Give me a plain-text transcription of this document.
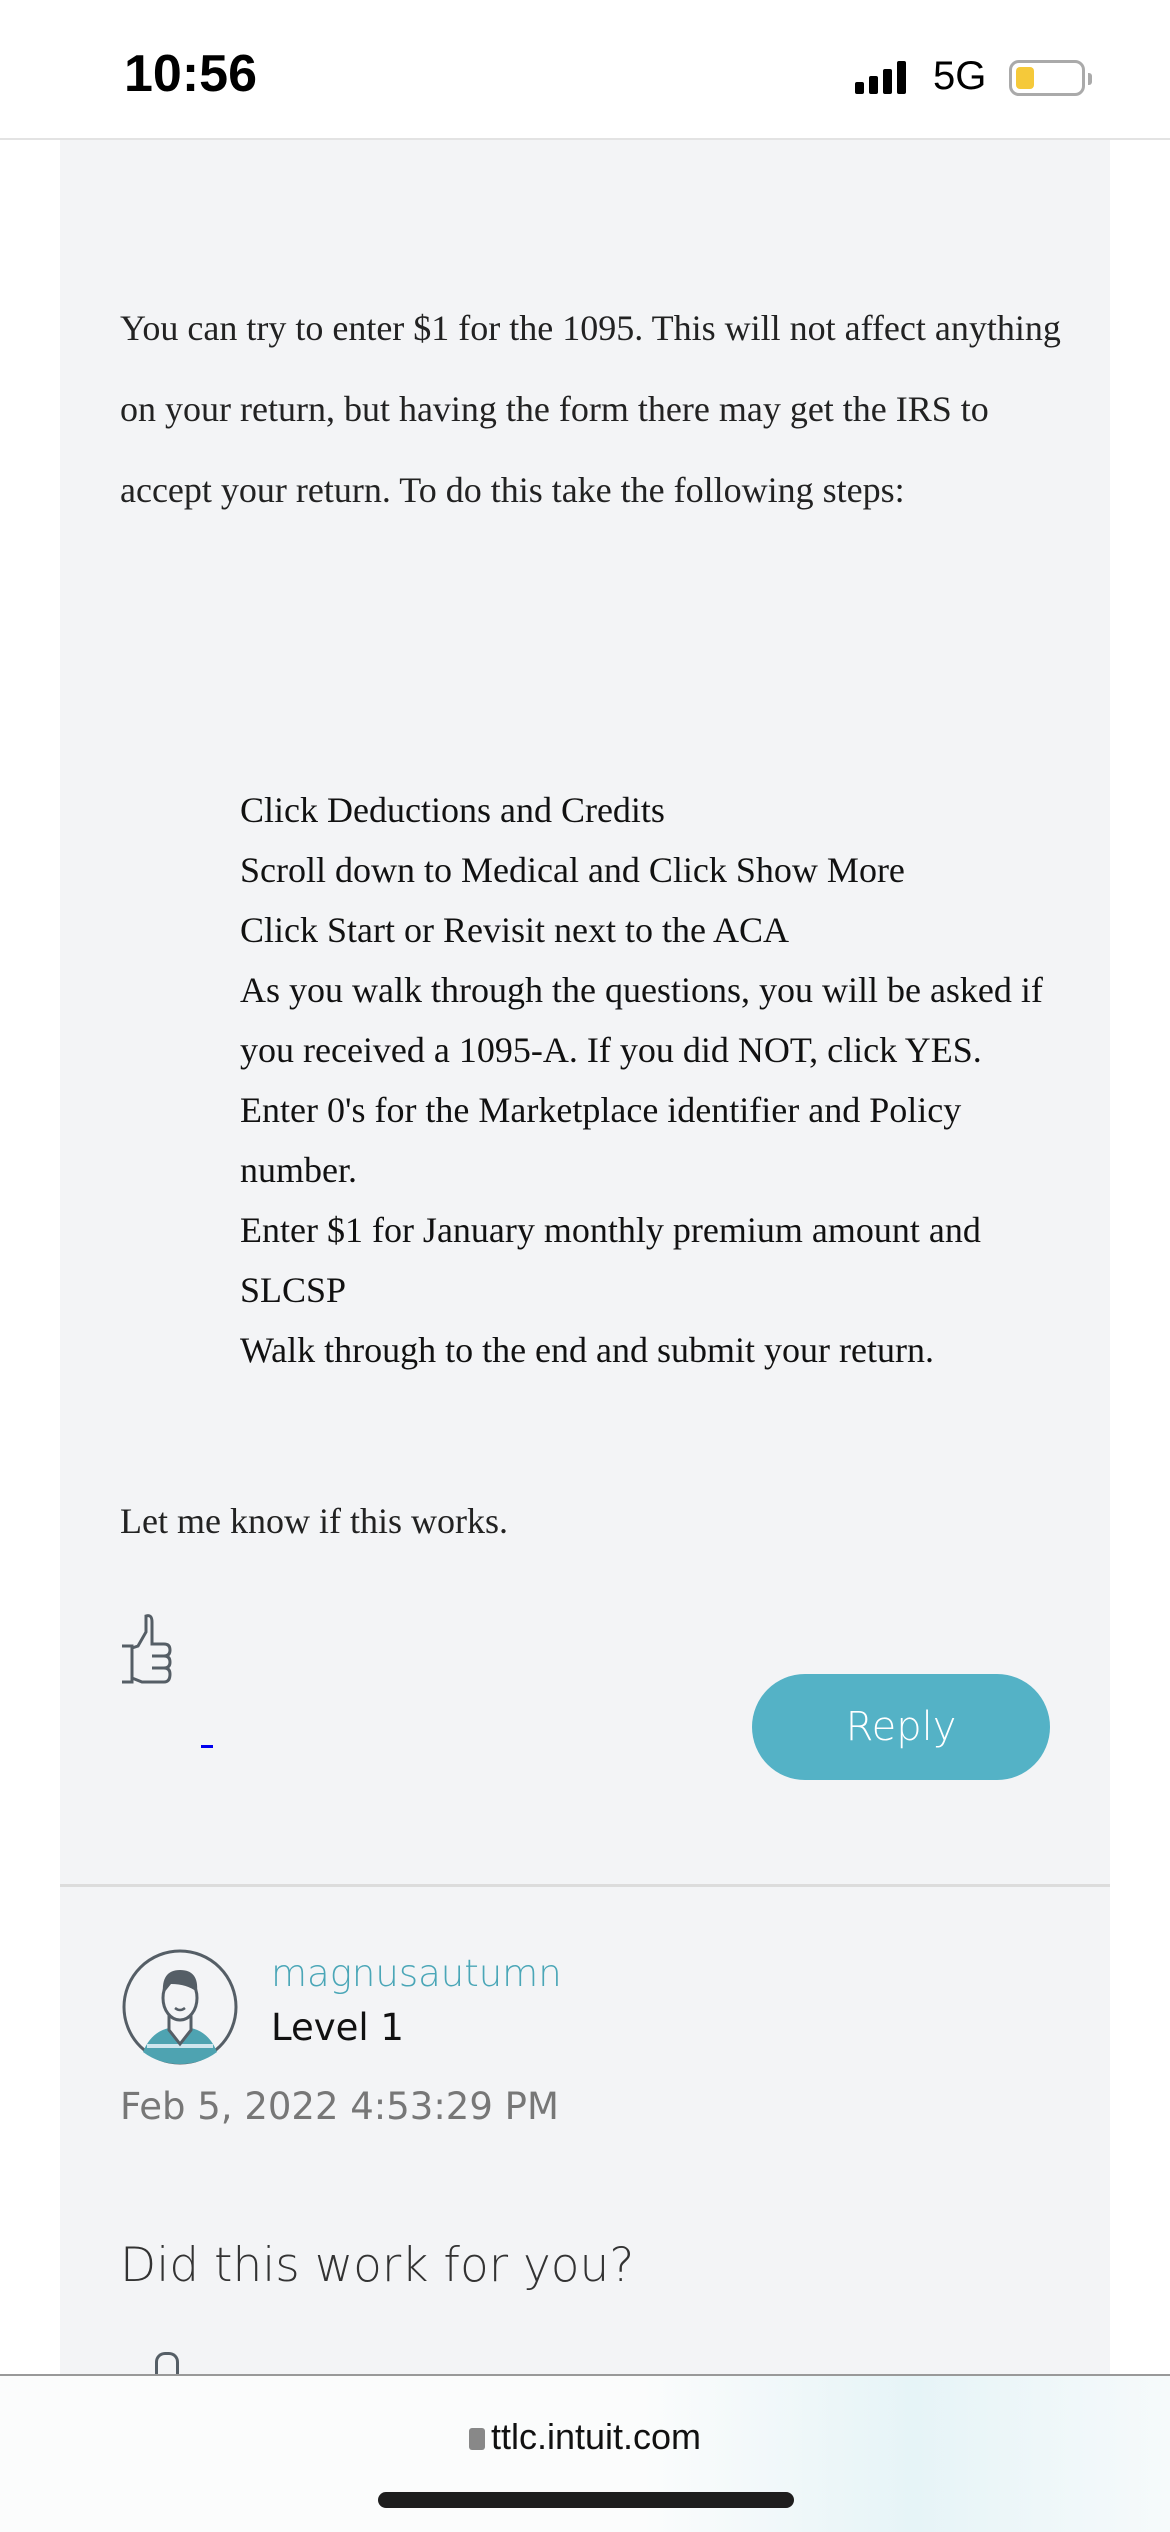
10:56	5G

You can try to enter $1 for the 1095. This will not affect anything on your return, but having the form there may get the IRS to accept your return. To do this take the following steps:

Click Deductions and Credits
Scroll down to Medical and Click Show More
Click Start or Revisit next to the ACA
As you walk through the questions, you will be asked if you received a 1095-A. If you did NOT, click YES.
Enter 0's for the Marketplace identifier and Policy number.
Enter $1 for January monthly premium amount and SLCSP
Walk through to the end and submit your return.

Let me know if this works.

Reply
magnusautumn
Level 1
Feb 5, 2022 4:53:29 PM
Did this work for you?
ttlc.intuit.com
